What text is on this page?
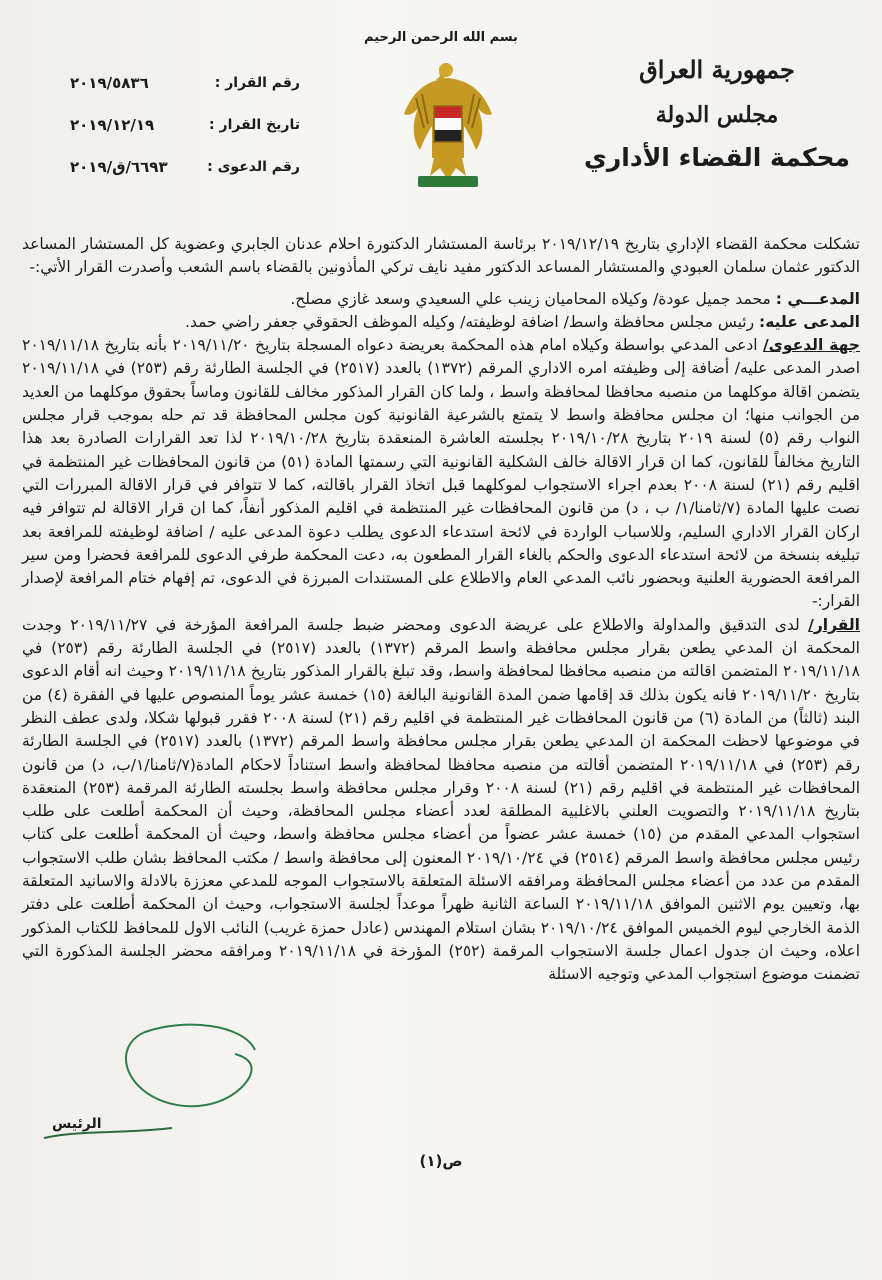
بسم الله الرحمن الرحيم
جمهورية العراق
مجلس الدولة
محكمة القضاء الأداري
رقم القرار :
٢٠١٩/٥٨٣٦
تاريخ القرار :
٢٠١٩/١٢/١٩
رقم الدعوى :
٦٦٩٣/ق/٢٠١٩

تشكلت محكمة القضاء الإداري بتاريخ ٢٠١٩/١٢/١٩ برئاسة المستشار الدكتورة احلام عدنان الجابري وعضوية كل المستشار المساعد الدكتور عثمان سلمان العبودي والمستشار المساعد الدكتور مفيد نايف تركي المأذونين بالقضاء باسم الشعب وأصدرت القرار الأتي:-

المدعـــي : محمد جميل عودة/ وكيلاه المحاميان زينب علي السعيدي وسعد غازي مصلح.

المدعى عليه: رئيس مجلس محافظة واسط/ اضافة لوظيفته/ وكيله الموظف الحقوقي جعفر راضي حمد.

جهة الدعوى/ ادعى المدعي بواسطة وكيلاه امام هذه المحكمة بعريضة دعواه المسجلة بتاريخ ٢٠١٩/١١/٢٠ بأنه بتاريخ ٢٠١٩/١١/١٨ اصدر المدعى عليه/ أضافة إلى وظيفته امره الاداري المرقم (١٣٧٢) بالعدد (٢٥١٧) في الجلسة الطارئة رقم (٢٥٣) في ٢٠١٩/١١/١٨ يتضمن اقالة موكلهما من منصبه محافظا لمحافظة واسط ، ولما كان القرار المذكور مخالف للقانون وماساً بحقوق موكلهما من العديد من الجوانب منها؛ ان مجلس محافظة واسط لا يتمتع بالشرعية القانونية كون مجلس المحافظة قد تم حله بموجب قرار مجلس النواب رقم (٥) لسنة ٢٠١٩ بتاريخ ٢٠١٩/١٠/٢٨ بجلسته العاشرة المنعقدة بتاريخ ٢٠١٩/١٠/٢٨ لذا تعد القرارات الصادرة بعد هذا التاريخ مخالفاً للقانون، كما ان قرار الاقالة خالف الشكلية القانونية التي رسمتها المادة (٥١) من قانون المحافظات غير المنتظمة في اقليم رقم (٢١) لسنة ٢٠٠٨ بعدم اجراء الاستجواب لموكلهما قبل اتخاذ القرار باقالته، كما لا تتوافر في قرار الاقالة المبررات التي نصت عليها المادة (٧/ثامنا/١/ ب ، د) من قانون المحافظات غير المنتظمة في اقليم المذكور أنفاً، كما ان قرار الاقالة لم تتوافر فيه اركان القرار الاداري السليم، وللاسباب الواردة في لائحة استدعاء الدعوى يطلب دعوة المدعى عليه / اضافة لوظيفته للمرافعة بعد تبليغه بنسخة من لائحة استدعاء الدعوى والحكم بالغاء القرار المطعون به، دعت المحكمة طرفي الدعوى للمرافعة فحضرا ومن سير المرافعة الحضورية العلنية وبحضور نائب المدعي العام والاطلاع على المستندات المبرزة في الدعوى، تم إفهام ختام المرافعة لإصدار القرار:-

القرار/ لدى التدقيق والمداولة والاطلاع على عريضة الدعوى ومحضر ضبط جلسة المرافعة المؤرخة في ٢٠١٩/١١/٢٧ وجدت المحكمة ان المدعي يطعن بقرار مجلس محافظة واسط المرقم (١٣٧٢) بالعدد (٢٥١٧) في الجلسة الطارئة رقم (٢٥٣) في ٢٠١٩/١١/١٨ المتضمن اقالته من منصبه محافظا لمحافظة واسط، وقد تبلغ بالقرار المذكور بتاريخ ٢٠١٩/١١/١٨ وحيث انه أقام الدعوى بتاريخ ٢٠١٩/١١/٢٠ فانه يكون بذلك قد إقامها ضمن المدة القانونية البالغة (١٥) خمسة عشر يوماً المنصوص عليها في الفقرة (٤) من البند (ثالثاً) من المادة (٦) من قانون المحافظات غير المنتظمة في اقليم رقم (٢١) لسنة ٢٠٠٨ فقرر قبولها شكلا، ولدى عطف النظر في موضوعها لاحظت المحكمة ان المدعي يطعن بقرار مجلس محافظة واسط المرقم (١٣٧٢) بالعدد (٢٥١٧) في الجلسة الطارئة رقم (٢٥٣) في ٢٠١٩/١١/١٨ المتضمن أقالته من منصبه محافظا لمحافظة واسط استناداً لاحكام المادة(٧/ثامنا/١/ب، د) من قانون المحافظات غير المنتظمة في اقليم رقم (٢١) لسنة ٢٠٠٨ وقرار مجلس محافظة واسط بجلسته الطارئة المرقمة (٢٥٣) المنعقدة بتاريخ ٢٠١٩/١١/١٨ والتصويت العلني بالاغلبية المطلقة لعدد أعضاء مجلس المحافظة، وحيث أن المحكمة أطلعت على طلب استجواب المدعي المقدم من (١٥) خمسة عشر عضواً من أعضاء مجلس محافظة واسط، وحيث أن المحكمة أطلعت على كتاب رئيس مجلس محافظة واسط المرقم (٢٥١٤) في ٢٠١٩/١٠/٢٤ المعنون إلى محافظة واسط / مكتب المحافظ بشان طلب الاستجواب المقدم من عدد من أعضاء مجلس المحافظة ومرافقه الاسئلة المتعلقة بالاستجواب الموجه للمدعي معززة بالادلة والاسانيد المتعلقة بها، وتعيين يوم الاثنين الموافق ٢٠١٩/١١/١٨ الساعة الثانية ظهراً موعداً لجلسة الاستجواب، وحيث ان المحكمة أطلعت على دفتر الذمة الخارجي ليوم الخميس الموافق ٢٠١٩/١٠/٢٤ بشان استلام المهندس (عادل حمزة غريب) النائب الاول للمحافظ للكتاب المذكور اعلاه، وحيث ان جدول اعمال جلسة الاستجواب المرقمة (٢٥٢) المؤرخة في ٢٠١٩/١١/١٨ ومرافقه محضر الجلسة المذكورة التي تضمنت موضوع استجواب المدعي وتوجيه الاسئلة

الرئيس
ص(١)
